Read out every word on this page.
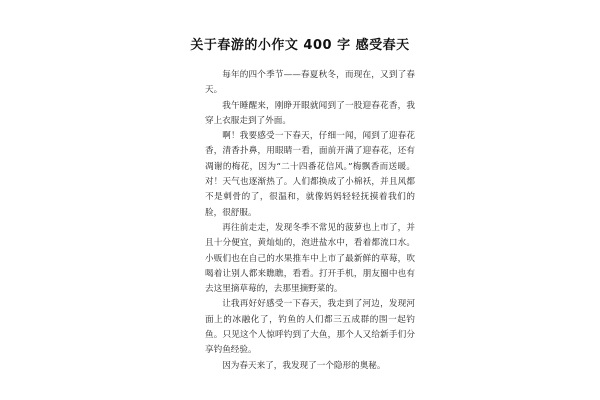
关于春游的小作文 400 字 感受春天

每年的四个季节——春夏秋冬，而现在，又到了春天。

我午睡醒来，刚睁开眼就闻到了一股迎春花香，我穿上衣服走到了外面。

啊！我要感受一下春天，仔细一闻，闻到了迎春花香，清香扑鼻，用眼睛一看，面前开满了迎春花，还有凋谢的梅花，因为“二十四番花信风。”梅飘香而送暖。对！天气也逐渐热了。人们都换成了小棉袄，并且风都不是刺骨的了，很温和，就像妈妈轻轻抚摸着我们的脸，很舒服。

再往前走走，发现冬季不常见的菠萝也上市了，并且十分便宜，黄灿灿的，泡进盐水中，看着都流口水。小贩们也在自己的水果推车中上市了最新鲜的草莓，吹喝着让别人都来瞧瞧，看看。打开手机，朋友圈中也有去这里摘草莓的，去那里摘野菜的。

让我再好好感受一下春天，我走到了河边，发现河面上的冰融化了，钓鱼的人们都三五成群的围一起钓鱼。只见这个人惊呼钓到了大鱼，那个人又给新手们分享钓鱼经验。

因为春天来了，我发现了一个隐形的奥秘。
